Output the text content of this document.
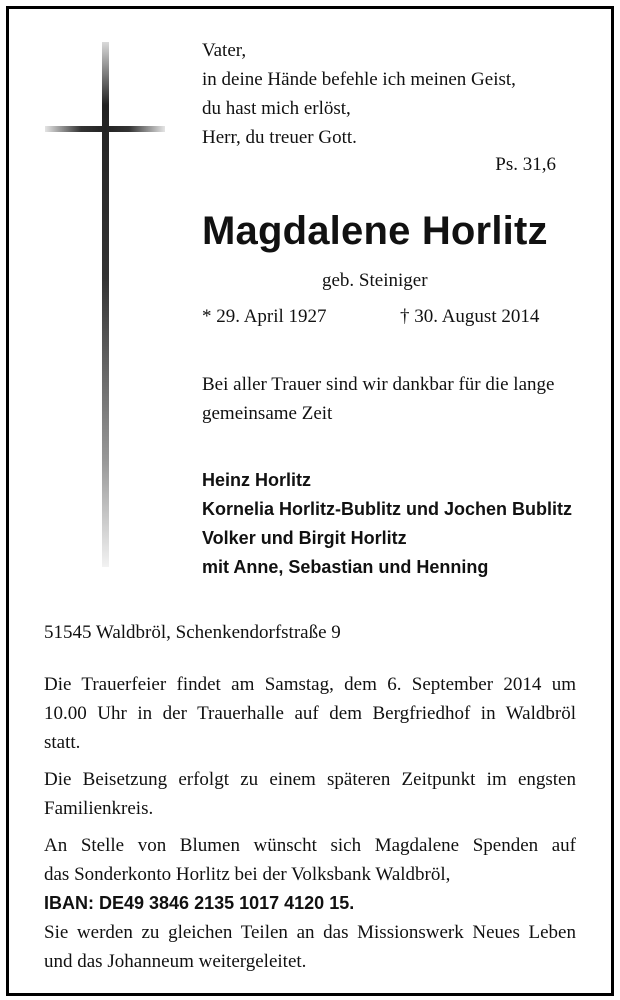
Vater,
in deine Hände befehle ich meinen Geist,
du hast mich erlöst,
Herr, du treuer Gott.
Ps. 31,6
Magdalene Horlitz
geb. Steiniger
* 29. April 1927	† 30. August 2014
Bei aller Trauer sind wir dankbar für die lange
gemeinsame Zeit
Heinz Horlitz
Kornelia Horlitz-Bublitz und Jochen Bublitz
Volker und Birgit Horlitz
mit Anne, Sebastian und Henning
51545 Waldbröl, Schenkendorfstraße 9
Die Trauerfeier findet am Samstag, dem 6. September 2014 um
10.00 Uhr in der Trauerhalle auf dem Bergfriedhof in Waldbröl
statt.
Die Beisetzung erfolgt zu einem späteren Zeitpunkt im engsten
Familienkreis.
An Stelle von Blumen wünscht sich Magdalene Spenden auf
das Sonderkonto Horlitz bei der Volksbank Waldbröl,
IBAN: DE49 3846 2135 1017 4120 15.
Sie werden zu gleichen Teilen an das Missionswerk Neues Leben
und das Johanneum weitergeleitet.
